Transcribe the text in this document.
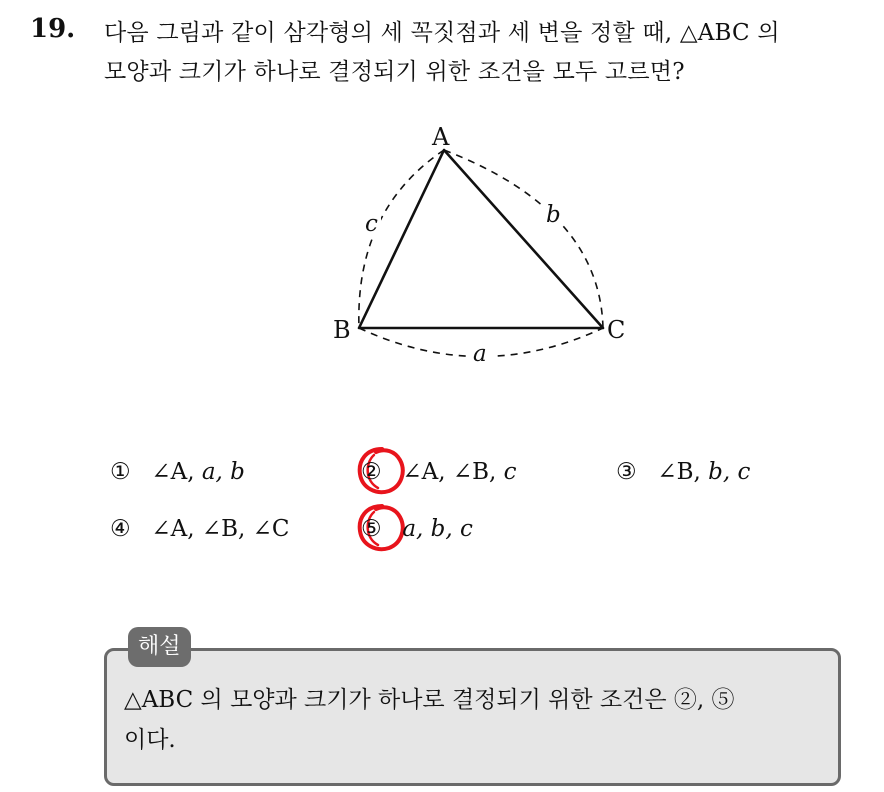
19. 다음 그림과 같이 삼각형의 세 꼭짓점과 세 변을 정할 때, △ABC 의
모양과 크기가 하나로 결정되기 위한 조건을 모두 고르면?
A
B	C
a
b
c
① ∠A, a, b	② ∠A, ∠B, c	③ ∠B, b, c
④ ∠A, ∠B, ∠C	⑤ a, b, c
해설
△ABC 의 모양과 크기가 하나로 결정되기 위한 조건은 ②, ⑤
이다.
